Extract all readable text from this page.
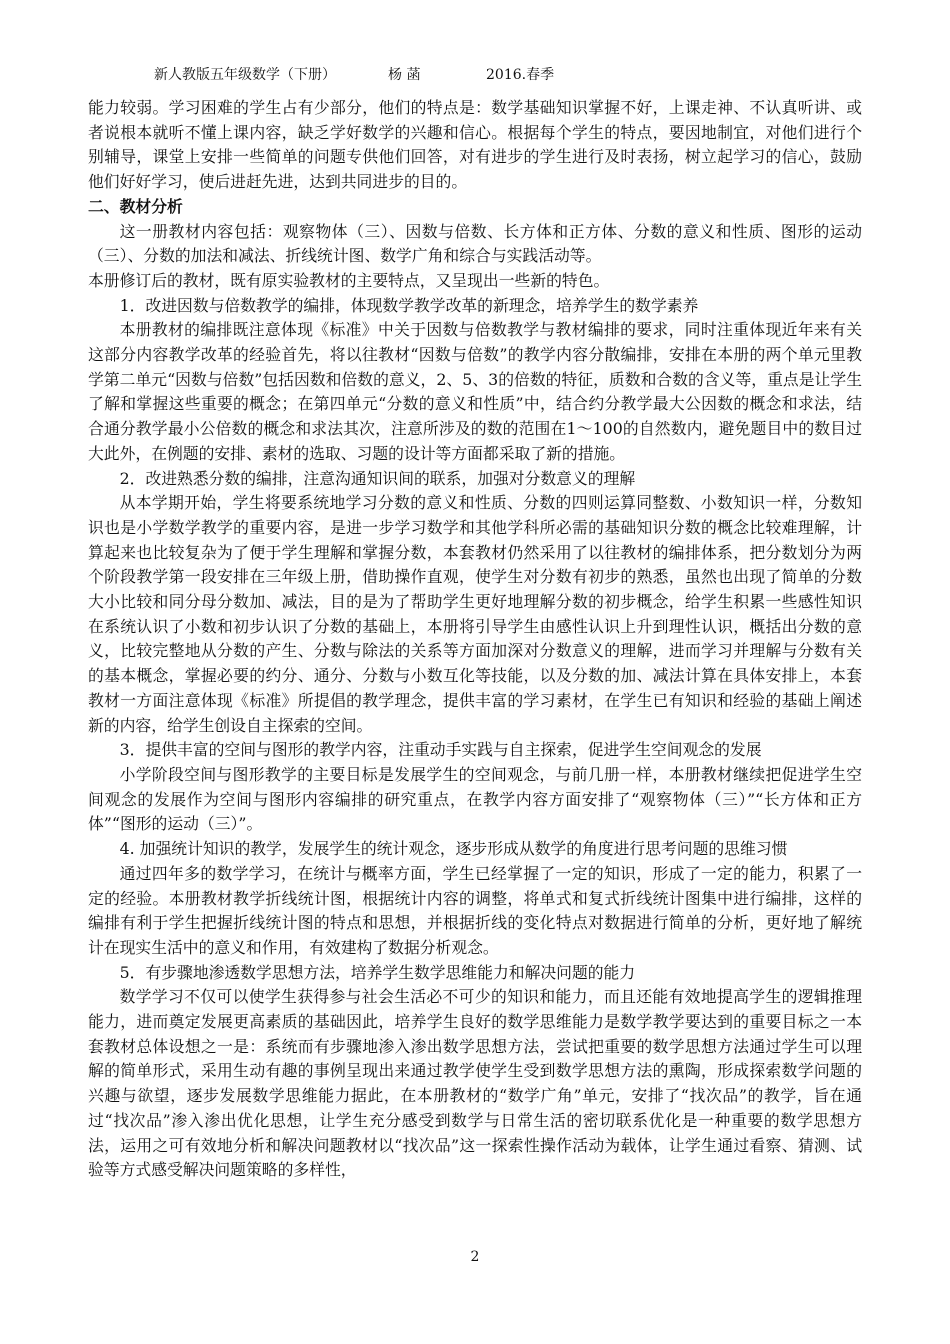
新人教版五年级数学（下册）	杨 菡	2016.春季

能力较弱。学习困难的学生占有少部分，他们的特点是：数学基础知识掌握不好，上课走神、不认真听讲、或者说根本就听不懂上课内容，缺乏学好数学的兴趣和信心。根据每个学生的特点，要因地制宜，对他们进行个别辅导，课堂上安排一些简单的问题专供他们回答，对有进步的学生进行及时表扬，树立起学习的信心，鼓励他们好好学习，使后进赶先进，达到共同进步的目的。

二、教材分析

这一册教材内容包括：观察物体（三）、因数与倍数、长方体和正方体、分数的意义和性质、图形的运动（三）、分数的加法和减法、折线统计图、数学广角和综合与实践活动等。

本册修订后的教材，既有原实验教材的主要特点，又呈现出一些新的特色。

1．改进因数与倍数教学的编排，体现数学教学改革的新理念，培养学生的数学素养

本册教材的编排既注意体现《标准》中关于因数与倍数教学与教材编排的要求，同时注重体现近年来有关这部分内容教学改革的经验首先，将以往教材“因数与倍数”的教学内容分散编排，安排在本册的两个单元里教学第二单元“因数与倍数”包括因数和倍数的意义，2、5、3的倍数的特征，质数和合数的含义等，重点是让学生了解和掌握这些重要的概念；在第四单元“分数的意义和性质”中，结合约分教学最大公因数的概念和求法，结合通分教学最小公倍数的概念和求法其次，注意所涉及的数的范围在1～100的自然数内，避免题目中的数目过大此外，在例题的安排、素材的选取、习题的设计等方面都采取了新的措施。

2．改进熟悉分数的编排，注意沟通知识间的联系，加强对分数意义的理解

从本学期开始，学生将要系统地学习分数的意义和性质、分数的四则运算同整数、小数知识一样，分数知识也是小学数学教学的重要内容，是进一步学习数学和其他学科所必需的基础知识分数的概念比较难理解，计算起来也比较复杂为了便于学生理解和掌握分数，本套教材仍然采用了以往教材的编排体系，把分数划分为两个阶段教学第一段安排在三年级上册，借助操作直观，使学生对分数有初步的熟悉，虽然也出现了简单的分数大小比较和同分母分数加、减法，目的是为了帮助学生更好地理解分数的初步概念，给学生积累一些感性知识在系统认识了小数和初步认识了分数的基础上，本册将引导学生由感性认识上升到理性认识，概括出分数的意义，比较完整地从分数的产生、分数与除法的关系等方面加深对分数意义的理解，进而学习并理解与分数有关的基本概念，掌握必要的约分、通分、分数与小数互化等技能，以及分数的加、减法计算在具体安排上，本套教材一方面注意体现《标准》所提倡的教学理念，提供丰富的学习素材，在学生已有知识和经验的基础上阐述新的内容，给学生创设自主探索的空间。

3．提供丰富的空间与图形的教学内容，注重动手实践与自主探索，促进学生空间观念的发展

小学阶段空间与图形教学的主要目标是发展学生的空间观念，与前几册一样，本册教材继续把促进学生空间观念的发展作为空间与图形内容编排的研究重点，在教学内容方面安排了“观察物体（三）”“长方体和正方体”“图形的运动（三）”。

4. 加强统计知识的教学，发展学生的统计观念，逐步形成从数学的角度进行思考问题的思维习惯

通过四年多的数学学习，在统计与概率方面，学生已经掌握了一定的知识，形成了一定的能力，积累了一定的经验。本册教材教学折线统计图，根据统计内容的调整，将单式和复式折线统计图集中进行编排，这样的编排有利于学生把握折线统计图的特点和思想，并根据折线的变化特点对数据进行简单的分析，更好地了解统计在现实生活中的意义和作用，有效建构了数据分析观念。

5．有步骤地渗透数学思想方法，培养学生数学思维能力和解决问题的能力

数学学习不仅可以使学生获得参与社会生活必不可少的知识和能力，而且还能有效地提高学生的逻辑推理能力，进而奠定发展更高素质的基础因此，培养学生良好的数学思维能力是数学教学要达到的重要目标之一本套教材总体设想之一是：系统而有步骤地渗入渗出数学思想方法，尝试把重要的数学思想方法通过学生可以理解的简单形式，采用生动有趣的事例呈现出来通过教学使学生受到数学思想方法的熏陶，形成探索数学问题的兴趣与欲望，逐步发展数学思维能力据此，在本册教材的“数学广角”单元，安排了“找次品”的教学，旨在通过“找次品”渗入渗出优化思想，让学生充分感受到数学与日常生活的密切联系优化是一种重要的数学思想方法，运用之可有效地分析和解决问题教材以“找次品”这一探索性操作活动为载体，让学生通过看察、猜测、试验等方式感受解决问题策略的多样性，

2
